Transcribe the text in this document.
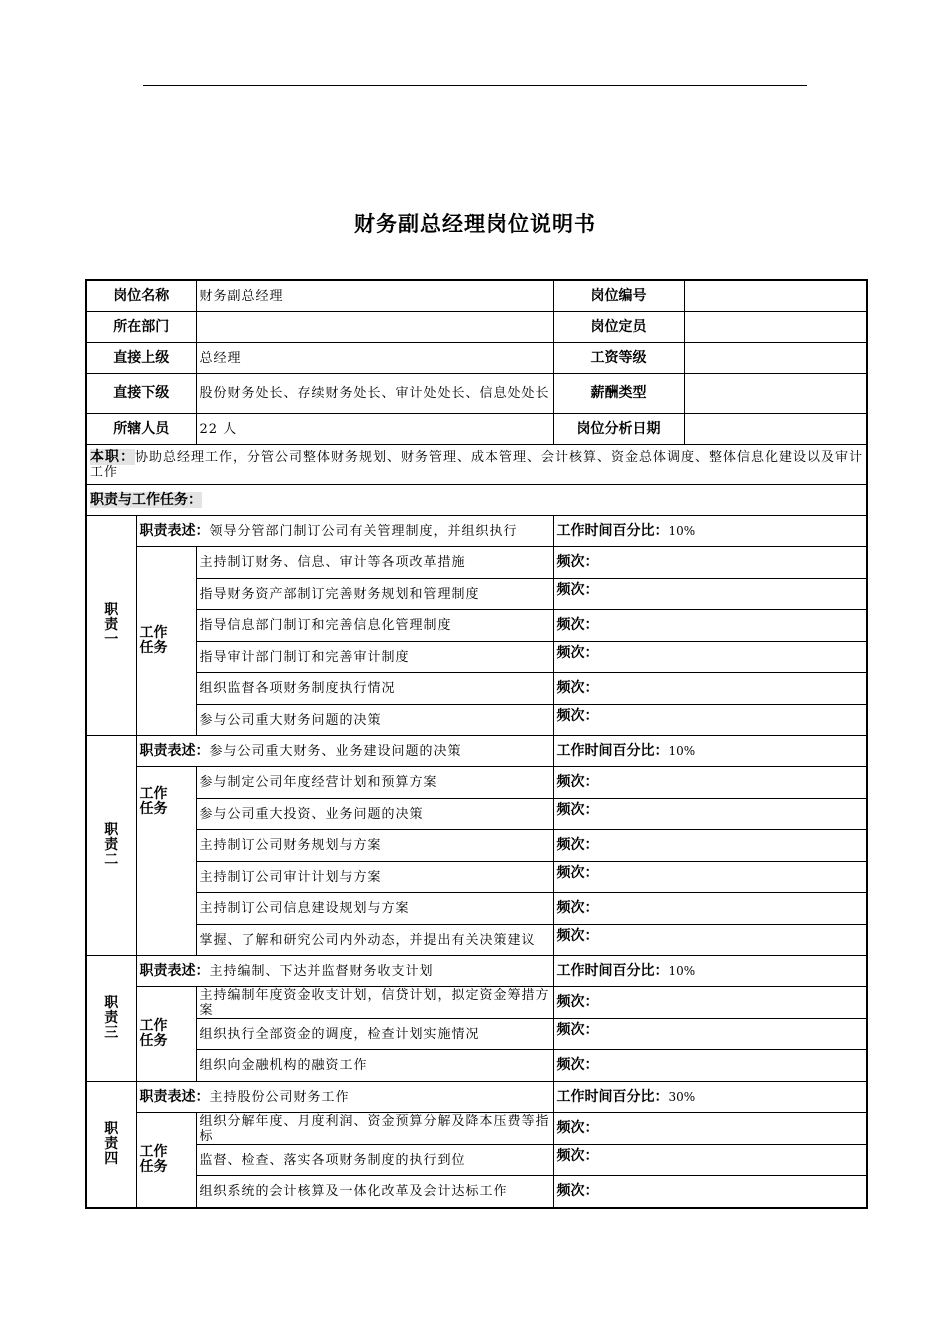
财务副总经理岗位说明书
岗位名称		财务副总经理	岗位编号	
所在部门			岗位定员	
直接上级		总经理	工资等级	
直接下级		股份财务处长、存续财务处长、审计处处长、信息处处长	薪酬类型	
所辖人员		22 人	岗位分析日期	
本职：协助总经理工作，分管公司整体财务规划、财务管理、成本管理、会计核算、资金总体调度、整体信息化建设以及审计工作				
职责与工作任务：				
职
责
一	职责表述：领导分管部门制订公司有关管理制度，并组织执行		工作时间百分比：10%	
	工作
任务	主持制订财务、信息、审计等各项改革措施	频次：	
		指导财务资产部制订完善财务规划和管理制度	频次：	
		指导信息部门制订和完善信息化管理制度	频次：	
		指导审计部门制订和完善审计制度	频次：	
		组织监督各项财务制度执行情况	频次：	
		参与公司重大财务问题的决策	频次：	
职
责
二	职责表述：参与公司重大财务、业务建设问题的决策		工作时间百分比：10%	
	工作
任务	参与制定公司年度经营计划和预算方案	频次：	
		参与公司重大投资、业务问题的决策	频次：	
		主持制订公司财务规划与方案	频次：	
		主持制订公司审计计划与方案	频次：	
		主持制订公司信息建设规划与方案	频次：	
		掌握、了解和研究公司内外动态，并提出有关决策建议	频次：	
职
责
三	职责表述：主持编制、下达并监督财务收支计划		工作时间百分比：10%	
	工作
任务	主持编制年度资金收支计划，信贷计划，拟定资金筹措方案	频次：	
		组织执行全部资金的调度，检查计划实施情况	频次：	
		组织向金融机构的融资工作	频次：	
职
责
四	职责表述：主持股份公司财务工作		工作时间百分比：30%	
	工作
任务	组织分解年度、月度利润、资金预算分解及降本压费等指标	频次：	
		监督、检查、落实各项财务制度的执行到位	频次：	
		组织系统的会计核算及一体化改革及会计达标工作	频次：	
